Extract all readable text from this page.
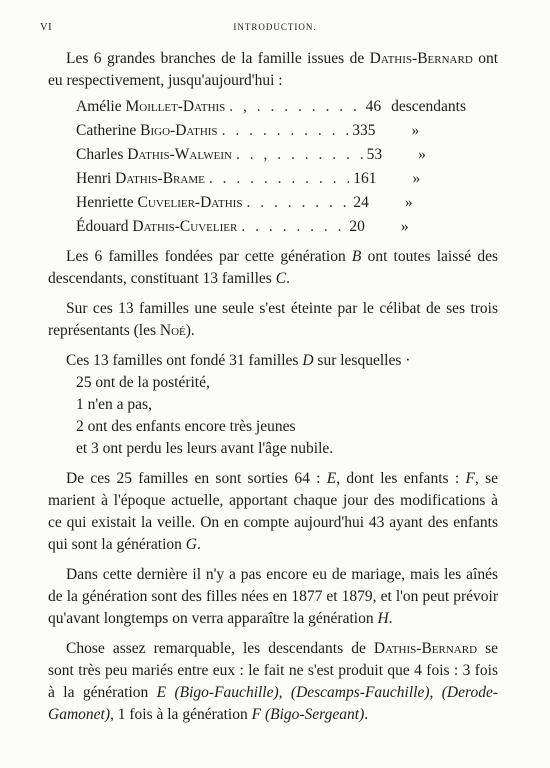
VI	INTRODUCTION.

Les 6 grandes branches de la famille issues de Dathis-Bernard ont eu respectivement, jusqu'aujourd'hui :

Amélie Moillet-Dathis . , . . . . . . . . 46 descendants
Catherine Bigo-Dathis . . . . . . . . . . 335	»
Charles Dathis-Walwein . . , . . . . . . . 53	»
Henri Dathis-Brame . . . . . . . . . . . 161	»
Henriette Cuvelier-Dathis . . . . . . . . 24	»
Édouard Dathis-Cuvelier . . . . . . . . 20	»

Les 6 familles fondées par cette génération B ont toutes laissé des descendants, constituant 13 familles C.

Sur ces 13 familles une seule s'est éteinte par le célibat de ses trois représentants (les Noé).

Ces 13 familles ont fondé 31 familles D sur lesquelles ·

25 ont de la postérité,

1 n'en a pas,

2 ont des enfants encore très jeunes

et 3 ont perdu les leurs avant l'âge nubile.

De ces 25 familles en sont sorties 64 : E, dont les enfants : F, se marient à l'époque actuelle, apportant chaque jour des modifications à ce qui existait la veille. On en compte aujourd'hui 43 ayant des enfants qui sont la génération G.

Dans cette dernière il n'y a pas encore eu de mariage, mais les aînés de la génération sont des filles nées en 1877 et 1879, et l'on peut prévoir qu'avant longtemps on verra apparaître la génération H.

Chose assez remarquable, les descendants de Dathis-Bernard se sont très peu mariés entre eux : le fait ne s'est produit que 4 fois : 3 fois à la génération E (Bigo-Fauchille), (Descamps-Fauchille), (Derode-Gamonet), 1 fois à la génération F (Bigo-Sergeant).
